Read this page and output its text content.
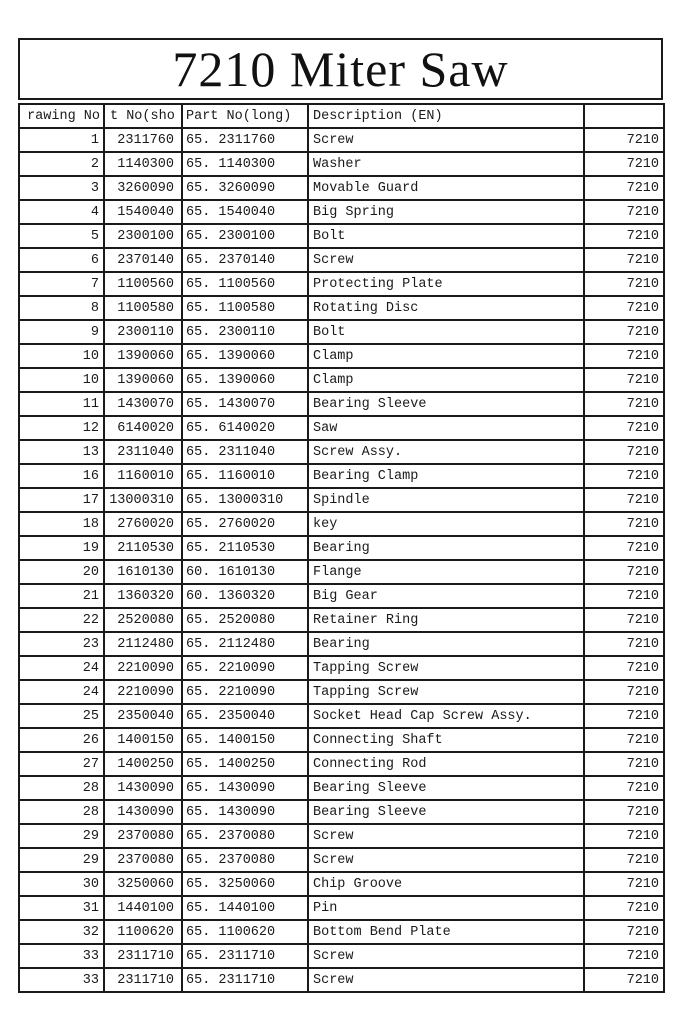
7210 Miter Saw
rawing No	t No(sho	Part No(long)	Description (EN)	
1	2311760	65. 2311760	Screw	7210
2	1140300	65. 1140300	Washer	7210
3	3260090	65. 3260090	Movable Guard	7210
4	1540040	65. 1540040	Big Spring	7210
5	2300100	65. 2300100	Bolt	7210
6	2370140	65. 2370140	Screw	7210
7	1100560	65. 1100560	Protecting Plate	7210
8	1100580	65. 1100580	Rotating Disc	7210
9	2300110	65. 2300110	Bolt	7210
10	1390060	65. 1390060	Clamp	7210
10	1390060	65. 1390060	Clamp	7210
11	1430070	65. 1430070	Bearing Sleeve	7210
12	6140020	65. 6140020	Saw	7210
13	2311040	65. 2311040	Screw Assy.	7210
16	1160010	65. 1160010	Bearing Clamp	7210
17	13000310	65. 13000310	Spindle	7210
18	2760020	65. 2760020	key	7210
19	2110530	65. 2110530	Bearing	7210
20	1610130	60. 1610130	Flange	7210
21	1360320	60. 1360320	Big Gear	7210
22	2520080	65. 2520080	Retainer Ring	7210
23	2112480	65. 2112480	Bearing	7210
24	2210090	65. 2210090	Tapping Screw	7210
24	2210090	65. 2210090	Tapping Screw	7210
25	2350040	65. 2350040	Socket Head Cap Screw Assy.	7210
26	1400150	65. 1400150	Connecting Shaft	7210
27	1400250	65. 1400250	Connecting Rod	7210
28	1430090	65. 1430090	Bearing Sleeve	7210
28	1430090	65. 1430090	Bearing Sleeve	7210
29	2370080	65. 2370080	Screw	7210
29	2370080	65. 2370080	Screw	7210
30	3250060	65. 3250060	Chip Groove	7210
31	1440100	65. 1440100	Pin	7210
32	1100620	65. 1100620	Bottom Bend Plate	7210
33	2311710	65. 2311710	Screw	7210
33	2311710	65. 2311710	Screw	7210
